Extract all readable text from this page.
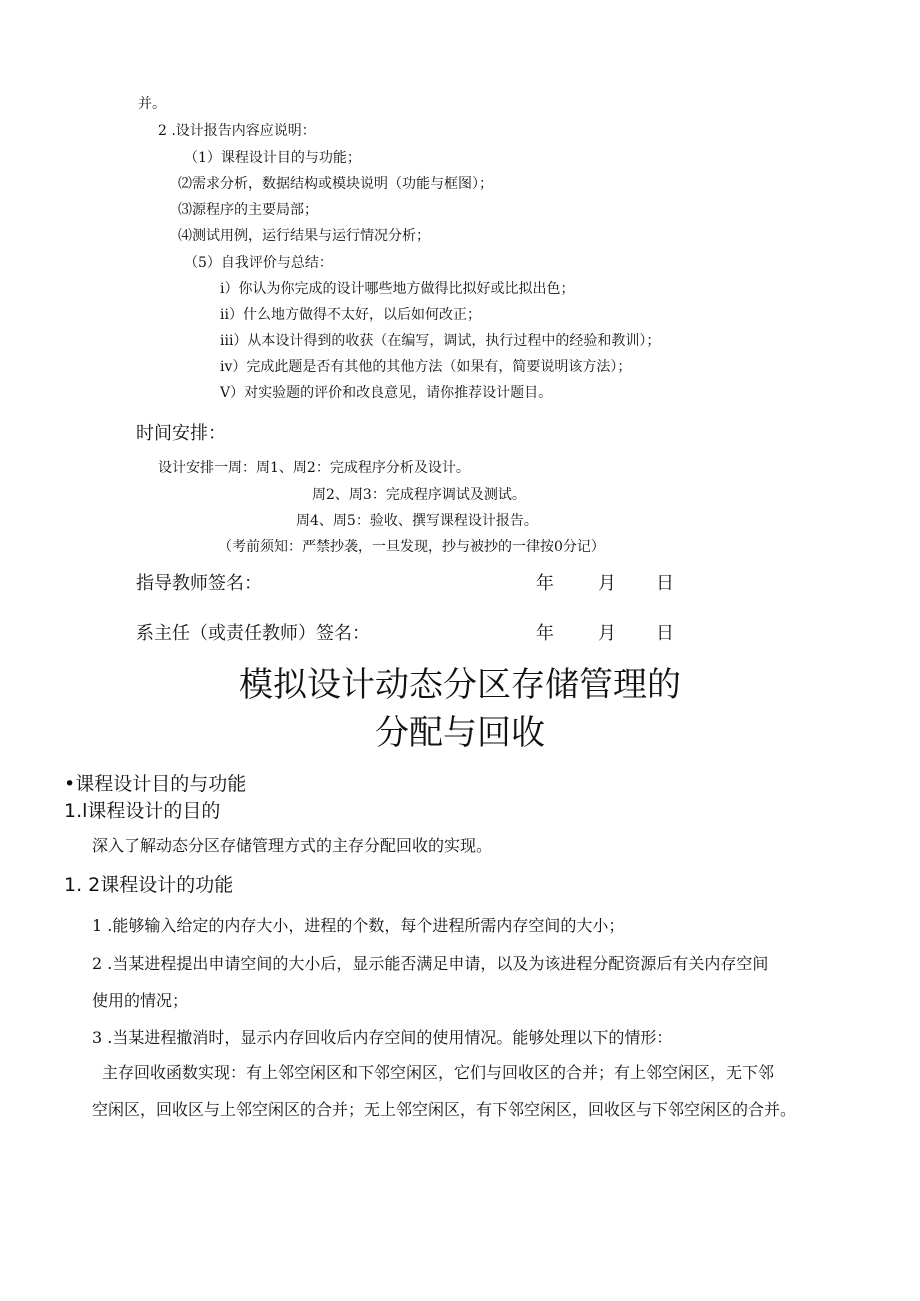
并。
2 .设计报告内容应说明：
（1）课程设计目的与功能；
⑵需求分析，数据结构或模块说明（功能与框图）；
⑶源程序的主要局部；
⑷测试用例，运行结果与运行情况分析；
（5）自我评价与总结：
i）你认为你完成的设计哪些地方做得比拟好或比拟出色；
ii）什么地方做得不太好，以后如何改正；
iii）从本设计得到的收获（在编写，调试，执行过程中的经验和教训）；
iv）完成此题是否有其他的其他方法（如果有，简要说明该方法）；
V）对实验题的评价和改良意见，请你推荐设计题目。
时间安排：
设计安排一周：周1、周2：完成程序分析及设计。
周2、周3：完成程序调试及测试。
周4、周5：验收、撰写课程设计报告。
（考前须知：严禁抄袭，一旦发现，抄与被抄的一律按0分记）
指导教师签名：	年 月 日
系主任（或责任教师）签名：	年 月 日
模拟设计动态分区存储管理的
分配与回收
•课程设计目的与功能
1.l课程设计的目的
深入了解动态分区存储管理方式的主存分配回收的实现。
1. 2课程设计的功能
1 .能够输入给定的内存大小，进程的个数，每个进程所需内存空间的大小；
2 .当某进程提出申请空间的大小后，显示能否满足申请，以及为该进程分配资源后有关内存空间
使用的情况；
3 .当某进程撤消时，显示内存回收后内存空间的使用情况。能够处理以下的情形：
主存回收函数实现：有上邻空闲区和下邻空闲区，它们与回收区的合并；有上邻空闲区，无下邻
空闲区，回收区与上邻空闲区的合并；无上邻空闲区，有下邻空闲区，回收区与下邻空闲区的合并。
